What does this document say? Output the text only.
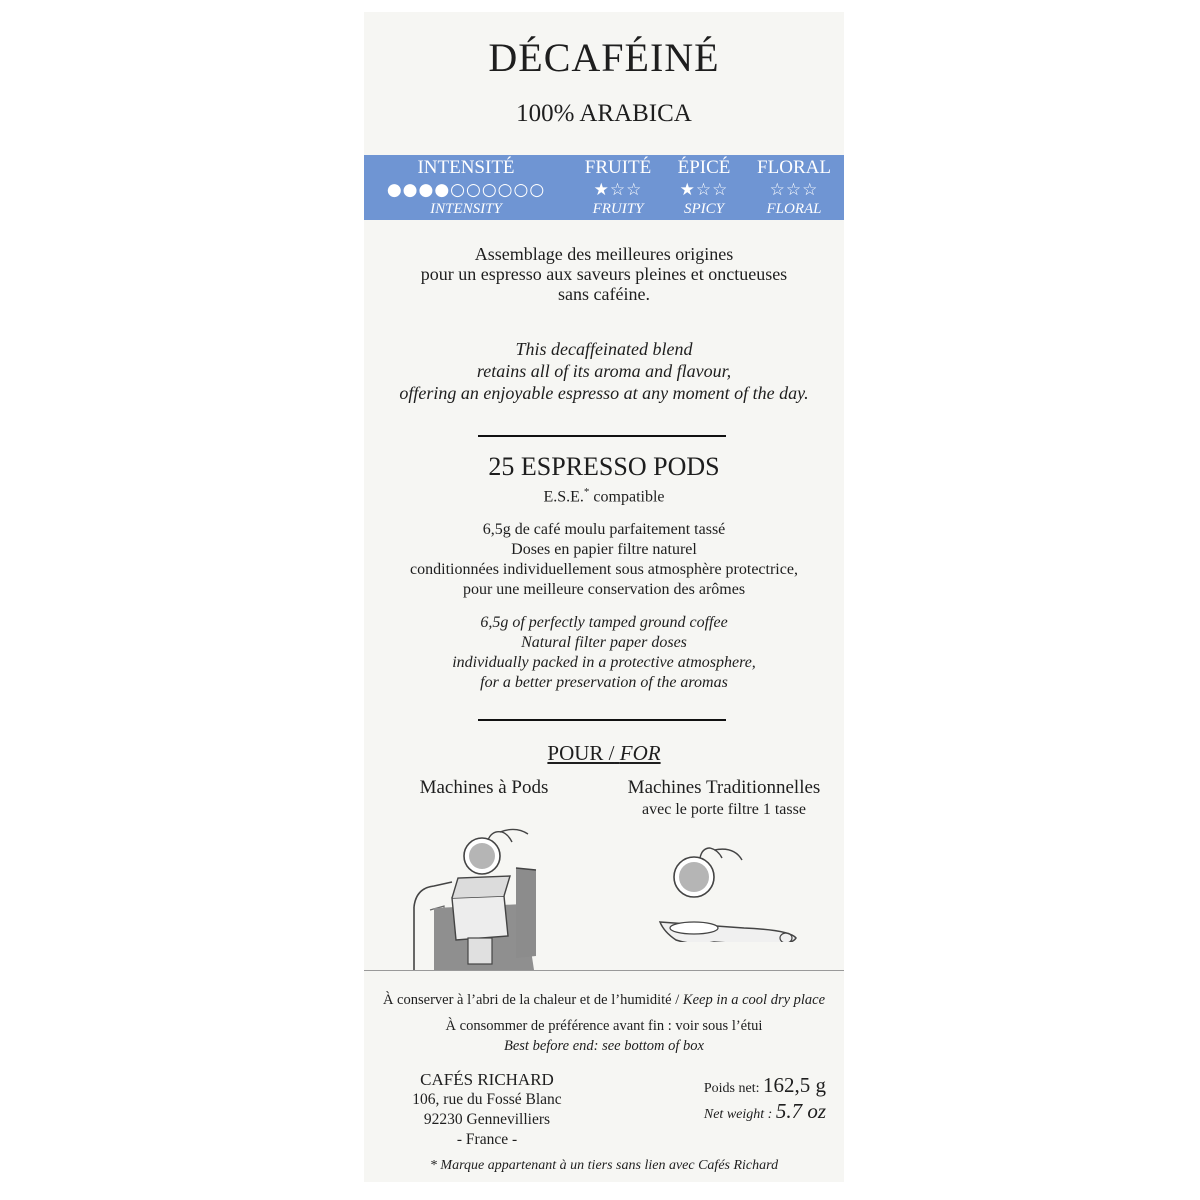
DÉCAFÉINÉ
100% ARABICA
INTENSITÉ
●●●●○○○○○○
INTENSITY
FRUITÉ
★☆☆
FRUITY
ÉPICÉ
★☆☆
SPICY
FLORAL
☆☆☆
FLORAL
Assemblage des meilleures origines
pour un espresso aux saveurs pleines et onctueuses
sans caféine.
This decaffeinated blend
retains all of its aroma and flavour,
offering an enjoyable espresso at any moment of the day.
25 ESPRESSO PODS
E.S.E.* compatible
6,5g de café moulu parfaitement tassé
Doses en papier filtre naturel
conditionnées individuellement sous atmosphère protectrice,
pour une meilleure conservation des arômes
6,5g of perfectly tamped ground coffee
Natural filter paper doses
individually packed in a protective atmosphere,
for a better preservation of the aromas
POUR / FOR
Machines à Pods	Machines Traditionnelles
avec le porte filtre 1 tasse
À conserver à l’abri de la chaleur et de l’humidité / Keep in a cool dry place
À consommer de préférence avant fin : voir sous l’étui
Best before end: see bottom of box
CAFÉS RICHARD
106, rue du Fossé Blanc
92230 Gennevilliers
- France -
Poids net: 162,5 g
Net weight : 5.7 oz
* Marque appartenant à un tiers sans lien avec Cafés Richard
